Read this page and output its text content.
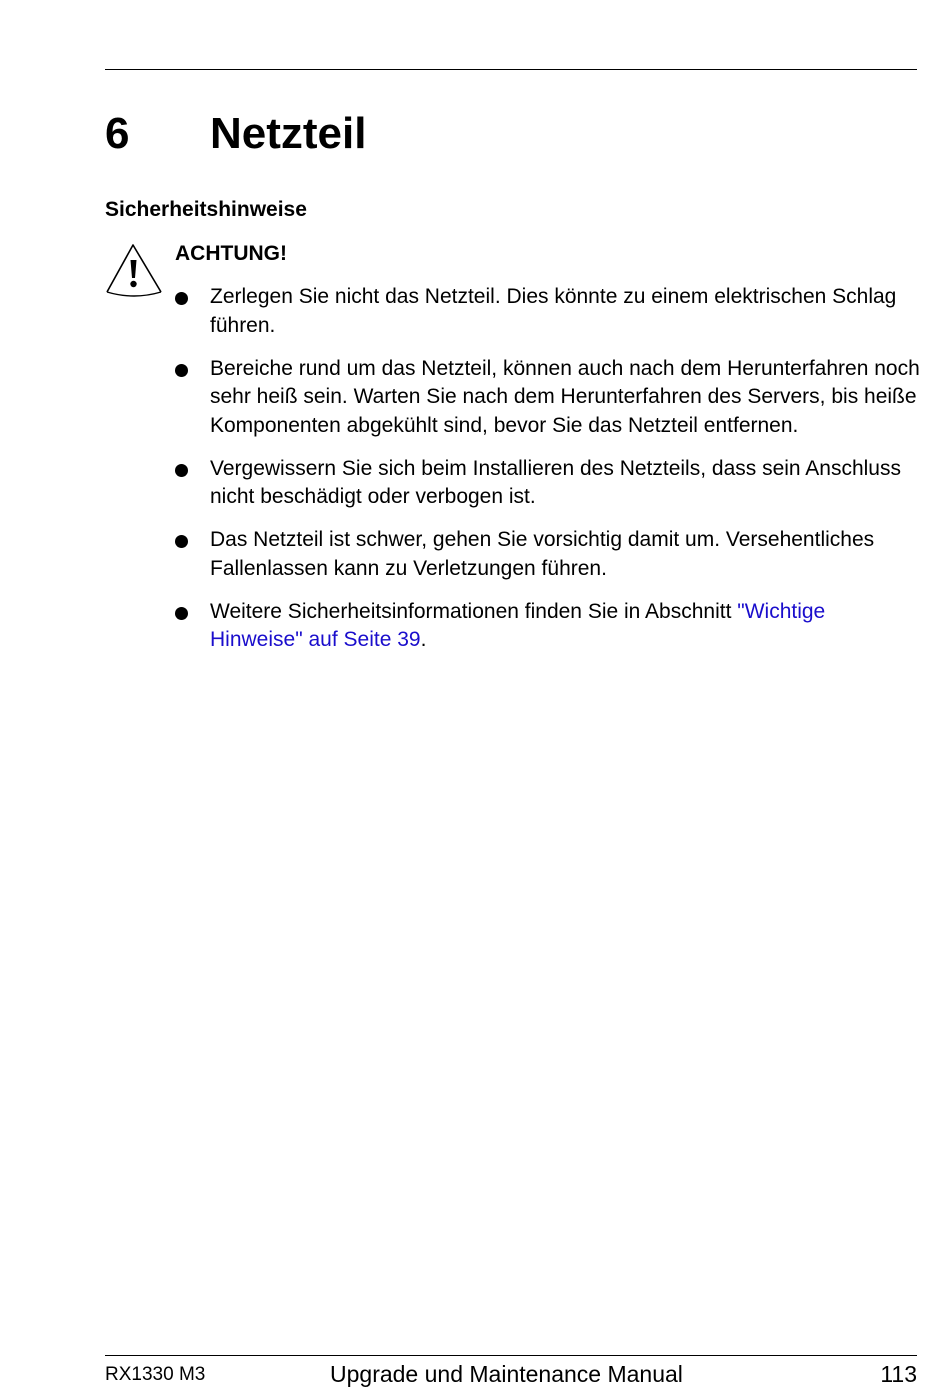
6 Netzteil
Sicherheitshinweise
ACHTUNG!
Zerlegen Sie nicht das Netzteil. Dies könnte zu einem elektrischen Schlag führen.
Bereiche rund um das Netzteil, können auch nach dem Herunterfahren noch sehr heiß sein. Warten Sie nach dem Herunterfahren des Servers, bis heiße Komponenten abgekühlt sind, bevor Sie das Netzteil entfernen.
Vergewissern Sie sich beim Installieren des Netzteils, dass sein Anschluss nicht beschädigt oder verbogen ist.
Das Netzteil ist schwer, gehen Sie vorsichtig damit um. Versehentliches Fallenlassen kann zu Verletzungen führen.
Weitere Sicherheitsinformationen finden Sie in Abschnitt "Wichtige Hinweise" auf Seite 39.
RX1330 M3	Upgrade und Maintenance Manual	113
